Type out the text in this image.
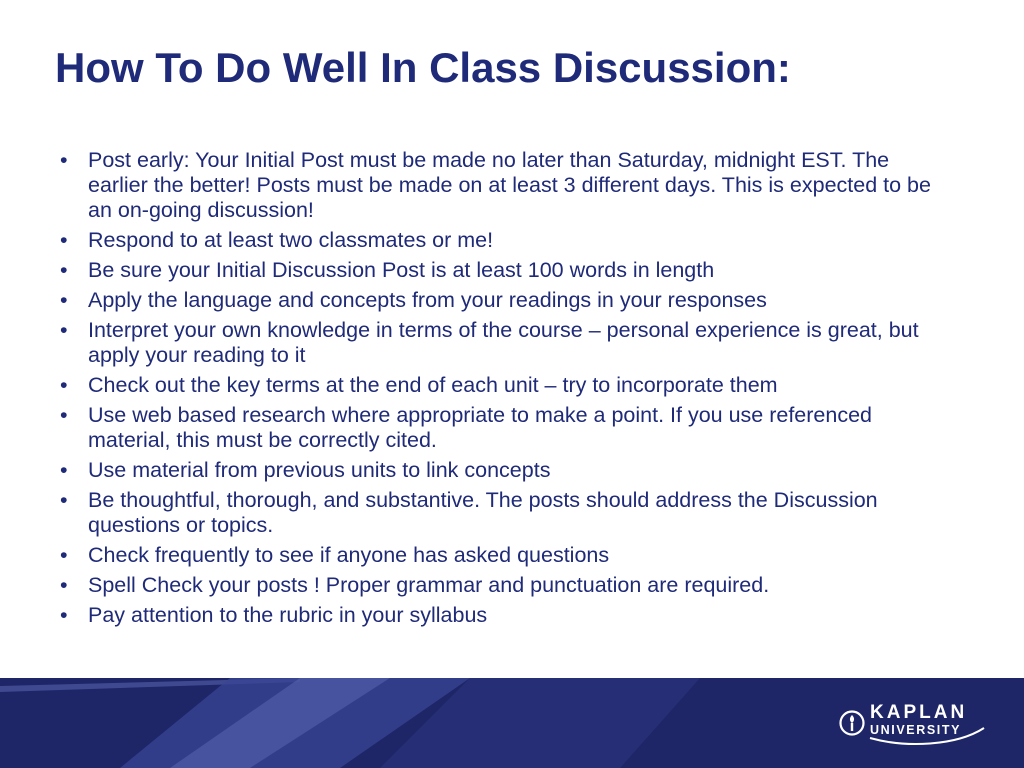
How To Do Well In Class Discussion:
• Post early: Your Initial Post must be made no later than Saturday, midnight EST. The earlier the better! Posts must be made on at least 3 different days. This is expected to be an on-going discussion!
• Respond to at least two classmates or me!
• Be sure your Initial Discussion Post is at least 100 words in length
• Apply the language and concepts from your readings in your responses
• Interpret your own knowledge in terms of the course – personal experience is great, but apply your reading to it
• Check out the key terms at the end of each unit – try to incorporate them
• Use web based research where appropriate to make a point. If you use referenced material, this must be correctly cited.
• Use material from previous units to link concepts
• Be thoughtful, thorough, and substantive. The posts should address the Discussion questions or topics.
• Check frequently to see if anyone has asked questions
• Spell Check your posts ! Proper grammar and punctuation are required.
• Pay attention to the rubric in your syllabus
KAPLAN
UNIVERSITY
